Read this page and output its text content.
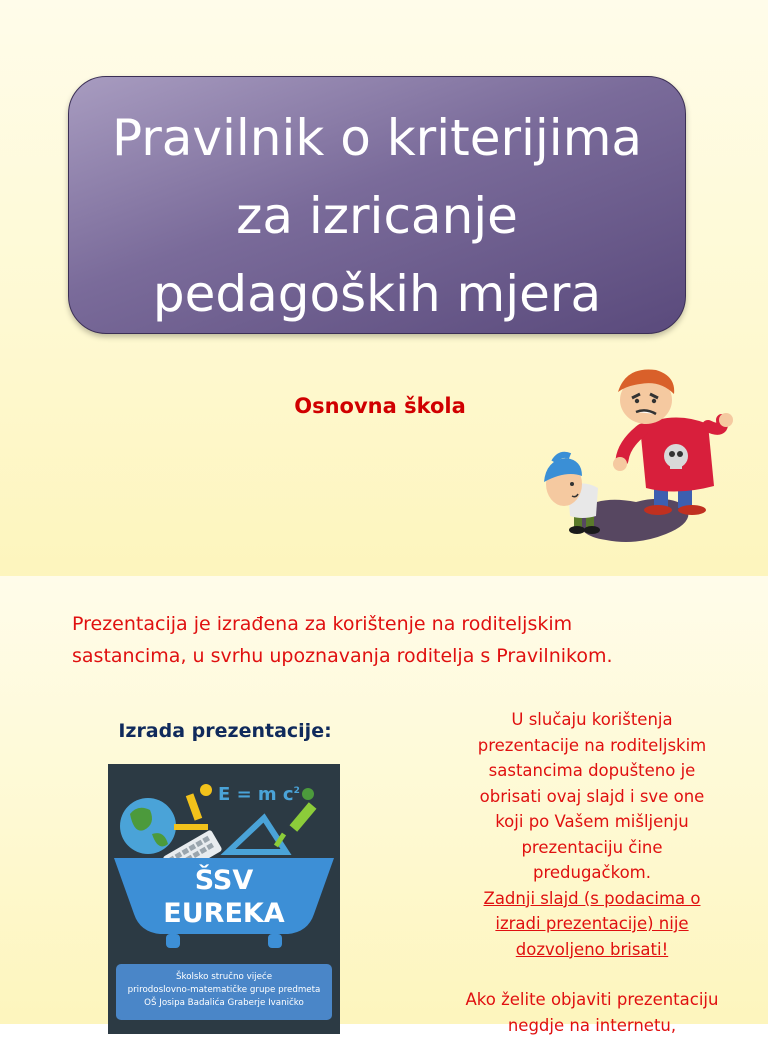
Pravilnik o kriterijima
za izricanje
pedagoških mjera
Osnovna škola
Prezentacija je izrađena za korištenje na roditeljskim
sastancima, u svrhu upoznavanja roditelja s Pravilnikom.
Izrada prezentacije:
E = m $c^2$
ŠSV
EUREKA
Školsko stručno vijeće
prirodoslovno-matematičke grupe predmeta
OŠ Josipa Badalića Graberje Ivaničko
U slučaju korištenja
prezentacije na roditeljskim
sastancima dopušteno je
obrisati ovaj slajd i sve one
koji po Vašem mišljenju
prezentaciju čine
predugačkom.
Zadnji slajd (s podacima o
izradi prezentacije) nije
dozvoljeno brisati!
Ako želite objaviti prezentaciju
negdje na internetu,
